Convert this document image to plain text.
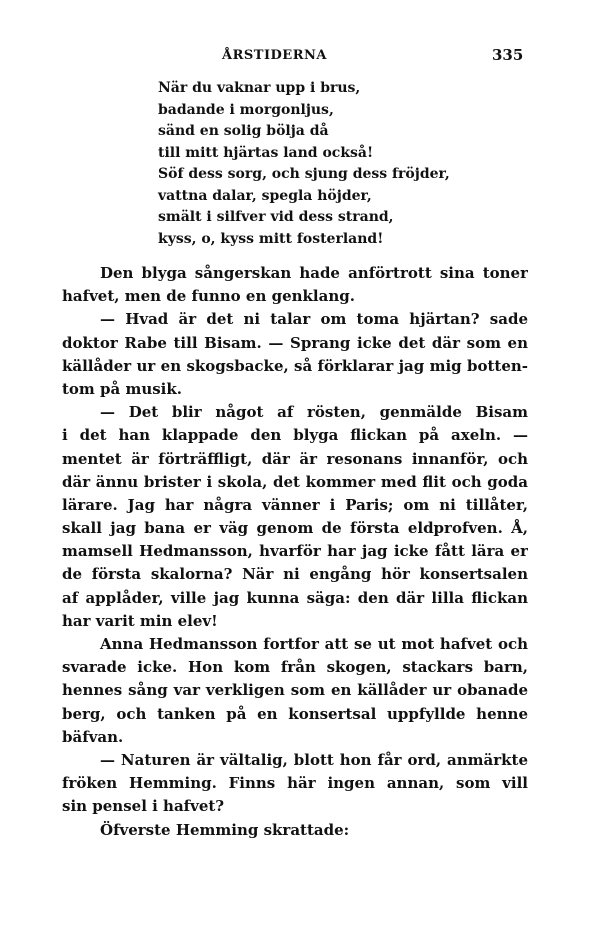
ÅRSTIDERNA	335
När du vaknar upp i brus,
badande i morgonljus,
sänd en solig bölja då
till mitt hjärtas land också!
Söf dess sorg, och sjung dess fröjder,
vattna dalar, spegla höjder,
smält i silfver vid dess strand,
kyss, o, kyss mitt fosterland!
Den blyga sångerskan hade anförtrott sina toner
hafvet, men de funno en genklang.
— Hvad är det ni talar om toma hjärtan? sade
doktor Rabe till Bisam. — Sprang icke det där som en
källåder ur en skogsbacke, så förklarar jag mig botten-
tom på musik.
— Det blir något af rösten, genmälde Bisam
i det han klappade den blyga flickan på axeln. —
mentet är förträffligt, där är resonans innanför, och
där ännu brister i skola, det kommer med flit och goda
lärare. Jag har några vänner i Paris; om ni tillåter,
skall jag bana er väg genom de första eldprofven. Å,
mamsell Hedmansson, hvarför har jag icke fått lära er
de första skalorna? När ni engång hör konsertsalen
af applåder, ville jag kunna säga: den där lilla flickan
har varit min elev!
Anna Hedmansson fortfor att se ut mot hafvet och
svarade icke. Hon kom från skogen, stackars barn,
hennes sång var verkligen som en källåder ur obanade
berg, och tanken på en konsertsal uppfyllde henne
bäfvan.
— Naturen är vältalig, blott hon får ord, anmärkte
fröken Hemming. Finns här ingen annan, som vill
sin pensel i hafvet?
Öfverste Hemming skrattade:
